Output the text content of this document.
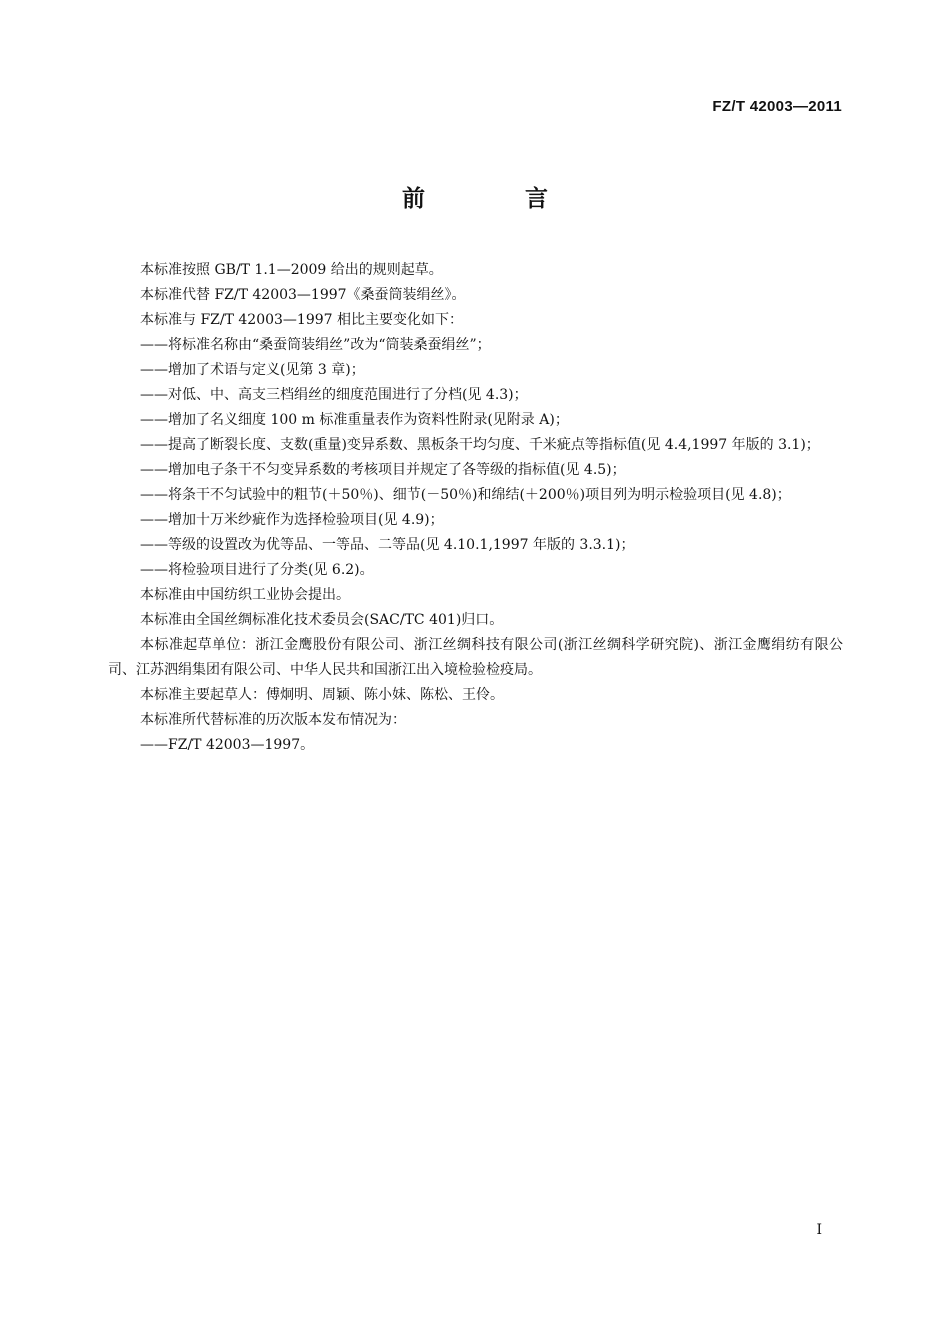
FZ/T 42003—2011
前 言

本标准按照 GB/T 1.1—2009 给出的规则起草。

本标准代替 FZ/T 42003—1997《桑蚕筒装绢丝》。

本标准与 FZ/T 42003—1997 相比主要变化如下：

——将标准名称由“桑蚕筒装绢丝”改为“筒装桑蚕绢丝”；

——增加了术语与定义(见第 3 章)；

——对低、中、高支三档绢丝的细度范围进行了分档(见 4.3)；

——增加了名义细度 100 m 标准重量表作为资料性附录(见附录 A)；

——提高了断裂长度、支数(重量)变异系数、黑板条干均匀度、千米疵点等指标值(见 4.4,1997 年版的 3.1)；

——增加电子条干不匀变异系数的考核项目并规定了各等级的指标值(见 4.5)；

——将条干不匀试验中的粗节(＋50％)、细节(－50％)和绵结(＋200％)项目列为明示检验项目(见 4.8)；

——增加十万米纱疵作为选择检验项目(见 4.9)；

——等级的设置改为优等品、一等品、二等品(见 4.10.1,1997 年版的 3.3.1)；

——将检验项目进行了分类(见 6.2)。

本标准由中国纺织工业协会提出。

本标准由全国丝绸标准化技术委员会(SAC/TC 401)归口。

本标准起草单位：浙江金鹰股份有限公司、浙江丝绸科技有限公司(浙江丝绸科学研究院)、浙江金鹰绢纺有限公司、江苏泗绢集团有限公司、中华人民共和国浙江出入境检验检疫局。

本标准主要起草人：傅炯明、周颖、陈小妹、陈松、王伶。

本标准所代替标准的历次版本发布情况为：

——FZ/T 42003—1997。

I
